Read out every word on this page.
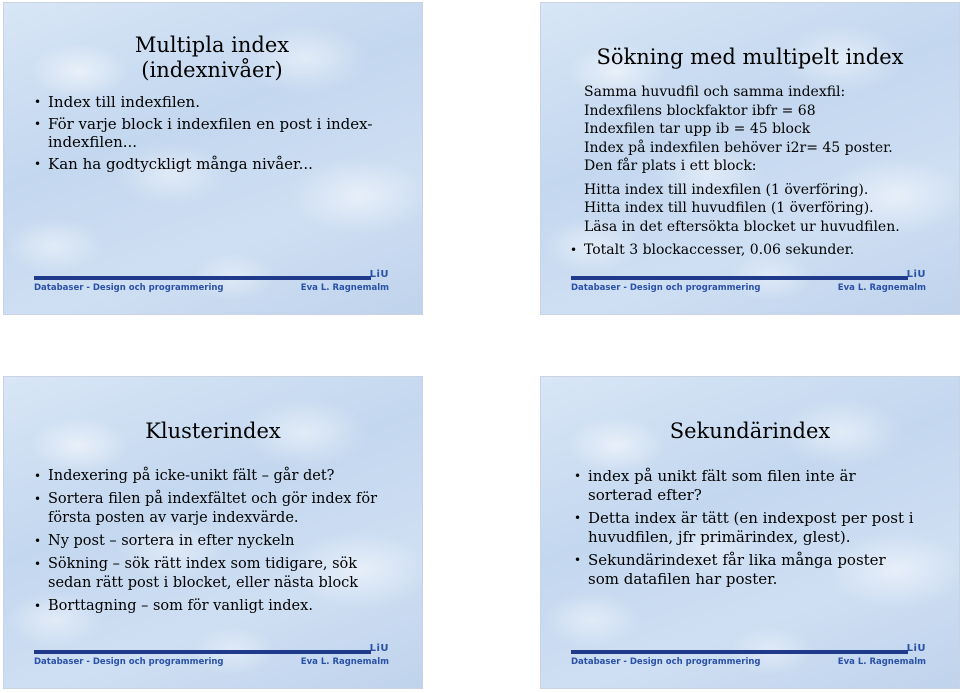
Multipla index
(indexnivåer)
• Index till indexfilen.
• För varje block i indexfilen en post i index-indexfilen...
• Kan ha godtyckligt många nivåer...
LiU
Databaser - Design och programmering	Eva L. Ragnemalm
Sökning med multipelt index
Samma huvudfil och samma indexfil:
Indexfilens blockfaktor ibfr = 68
Indexfilen tar upp ib = 45 block
Index på indexfilen behöver i2r= 45 poster.
Den får plats i ett block:
Hitta index till indexfilen (1 överföring).
Hitta index till huvudfilen (1 överföring).
Läsa in det eftersökta blocket ur huvudfilen.
• Totalt 3 blockaccesser, 0.06 sekunder.
LiU
Databaser - Design och programmering	Eva L. Ragnemalm
Klusterindex
• Indexering på icke-unikt fält – går det?
• Sortera filen på indexfältet och gör index för första posten av varje indexvärde.
• Ny post – sortera in efter nyckeln
• Sökning – sök rätt index som tidigare, sök sedan rätt post i blocket, eller nästa block
• Borttagning – som för vanligt index.
LiU
Databaser - Design och programmering	Eva L. Ragnemalm
Sekundärindex
• index på unikt fält som filen inte är sorterad efter?
• Detta index är tätt (en indexpost per post i huvudfilen, jfr primärindex, glest).
• Sekundärindexet får lika många poster som datafilen har poster.
LiU
Databaser - Design och programmering	Eva L. Ragnemalm
